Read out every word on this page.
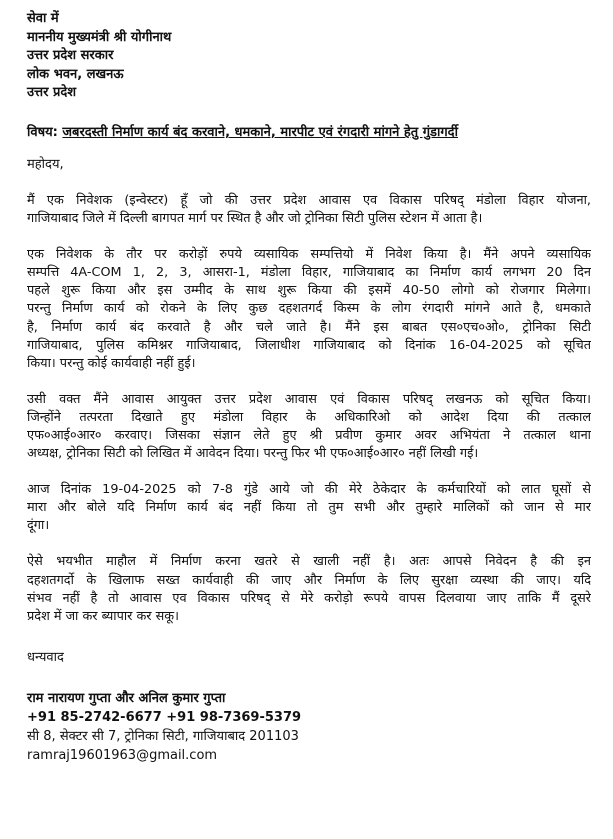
सेवा में
माननीय मुख्यमंत्री श्री योगीनाथ
उत्तर प्रदेश सरकार
लोक भवन, लखनऊ
उत्तर प्रदेश
विषय: जबरदस्ती निर्माण कार्य बंद करवाने, धमकाने, मारपीट एवं रंगदारी मांगने हेतु गुंडागर्दी
महोदय,
मैं एक निवेशक (इन्वेस्टर) हूँ जो की उत्तर प्रदेश आवास एव विकास परिषद् मंडोला विहार योजना,
गाजियाबाद जिले में दिल्ली बागपत मार्ग पर स्थित है और जो ट्रोनिका सिटी पुलिस स्टेशन में आता है।
एक निवेशक के तौर पर करोड़ों रुपये व्यसायिक सम्पत्तियो में निवेश किया है। मैंने अपने व्यसायिक
सम्पत्ति 4A-COM 1, 2, 3, आसरा-1, मंडोला विहार, गाजियाबाद का निर्माण कार्य लगभग 20 दिन
पहले शुरू किया और इस उम्मीद के साथ शुरू किया की इसमें 40-50 लोगो को रोजगार मिलेगा।
परन्तु निर्माण कार्य को रोकने के लिए कुछ दहशतगर्द किस्म के लोग रंगदारी मांगने आते है, धमकाते
है, निर्माण कार्य बंद करवाते है और चले जाते है। मैंने इस बाबत एस०एच०ओ०, ट्रोनिका सिटी
गाजियाबाद, पुलिस कमिश्नर गाजियाबाद, जिलाधीश गाजियाबाद को दिनांक 16-04-2025 को सूचित
किया। परन्तु कोई कार्यवाही नहीं हुई।
उसी वक्त मैंने आवास आयुक्त उत्तर प्रदेश आवास एवं विकास परिषद् लखनऊ को सूचित किया।
जिन्होंने तत्परता दिखाते हुए मंडोला विहार के अधिकारिओ को आदेश दिया की तत्काल
एफ०आई०आर० करवाए। जिसका संज्ञान लेते हुए श्री प्रवीण कुमार अवर अभियंता ने तत्काल थाना
अध्यक्ष, ट्रोनिका सिटी को लिखित में आवेदन दिया। परन्तु फिर भी एफ०आई०आर० नहीं लिखी गई।
आज दिनांक 19-04-2025 को 7-8 गुंडे आये जो की मेरे ठेकेदार के कर्मचारियों को लात घूसों से
मारा और बोले यदि निर्माण कार्य बंद नहीं किया तो तुम सभी और तुम्हारे मालिकों को जान से मार
दूंगा।
ऐसे भयभीत माहौल में निर्माण करना खतरे से खाली नहीं है। अतः आपसे निवेदन है की इन
दहशतगर्दो के खिलाफ सख्त कार्यवाही की जाए और निर्माण के लिए सुरक्षा व्यस्था की जाए। यदि
संभव नहीं है तो आवास एव विकास परिषद् से मेरे करोड़ो रूपये वापस दिलवाया जाए ताकि मैं दूसरे
प्रदेश में जा कर ब्यापार कर सकू।
धन्यवाद
राम नारायण गुप्ता और अनिल कुमार गुप्ता
+91 85-2742-6677 +91 98-7369-5379
सी 8, सेक्टर सी 7, ट्रोनिका सिटी, गाजियाबाद 201103
ramraj19601963@gmail.com
